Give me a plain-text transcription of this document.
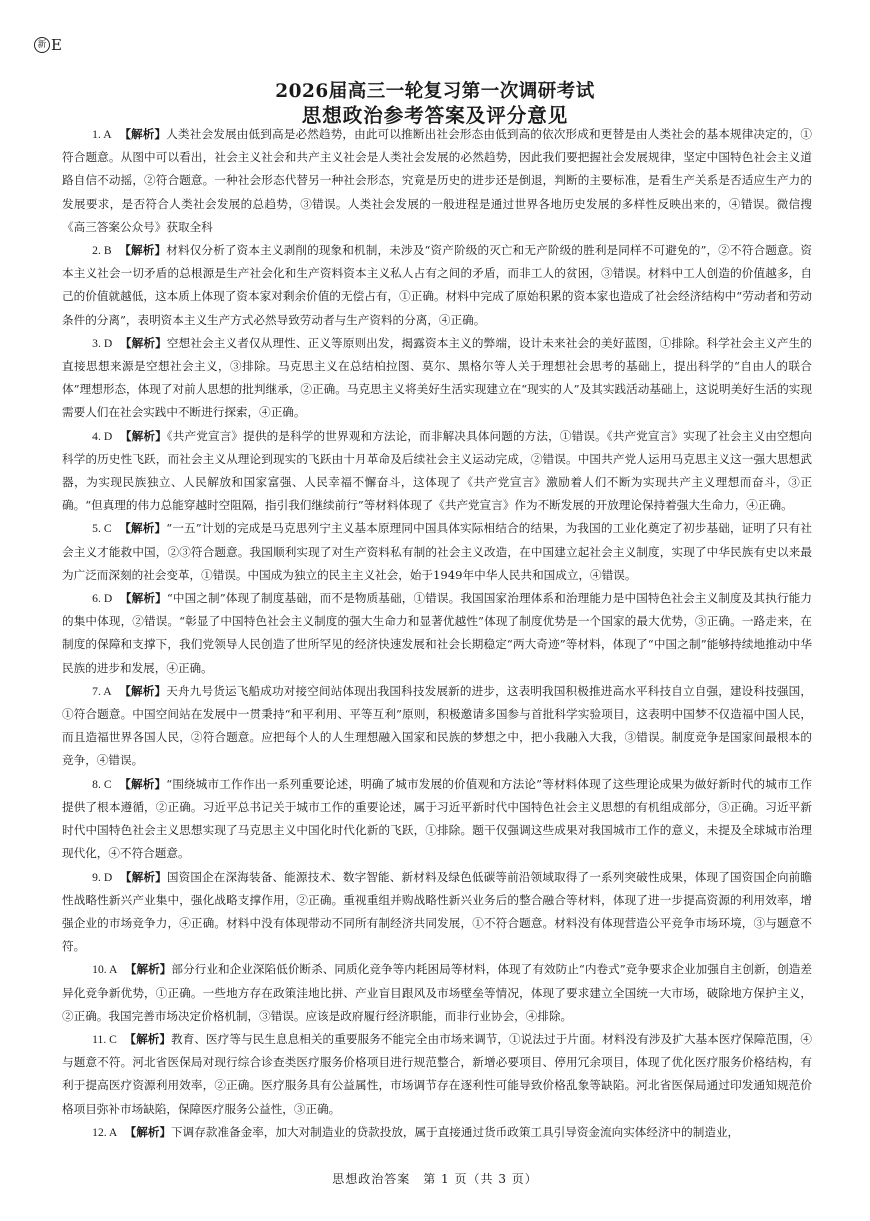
新 E
2026届高三一轮复习第一次调研考试
思想政治参考答案及评分意见

1. A 【解析】人类社会发展由低到高是必然趋势，由此可以推断出社会形态由低到高的依次形成和更替是由人类社会的基本规律决定的，①符合题意。从图中可以看出，社会主义社会和共产主义社会是人类社会发展的必然趋势，因此我们要把握社会发展规律，坚定中国特色社会主义道路自信不动摇，②符合题意。一种社会形态代替另一种社会形态，究竟是历史的进步还是倒退，判断的主要标准，是看生产关系是否适应生产力的发展要求，是否符合人类社会发展的总趋势，③错误。人类社会发展的一般进程是通过世界各地历史发展的多样性反映出来的，④错误。微信搜《高三答案公众号》获取全科

2. B 【解析】材料仅分析了资本主义剥削的现象和机制，未涉及“资产阶级的灭亡和无产阶级的胜利是同样不可避免的”，②不符合题意。资本主义社会一切矛盾的总根源是生产社会化和生产资料资本主义私人占有之间的矛盾，而非工人的贫困，③错误。材料中工人创造的价值越多，自己的价值就越低，这本质上体现了资本家对剩余价值的无偿占有，①正确。材料中完成了原始积累的资本家也造成了社会经济结构中“劳动者和劳动条件的分离”，表明资本主义生产方式必然导致劳动者与生产资料的分离，④正确。

3. D 【解析】空想社会主义者仅从理性、正义等原则出发，揭露资本主义的弊端，设计未来社会的美好蓝图，①排除。科学社会主义产生的直接思想来源是空想社会主义，③排除。马克思主义在总结柏拉图、莫尔、黑格尔等人关于理想社会思考的基础上，提出科学的“自由人的联合体”理想形态，体现了对前人思想的批判继承，②正确。马克思主义将美好生活实现建立在“现实的人”及其实践活动基础上，这说明美好生活的实现需要人们在社会实践中不断进行探索，④正确。

4. D 【解析】《共产党宣言》提供的是科学的世界观和方法论，而非解决具体问题的方法，①错误。《共产党宣言》实现了社会主义由空想向科学的历史性飞跃，而社会主义从理论到现实的飞跃由十月革命及后续社会主义运动完成，②错误。中国共产党人运用马克思主义这一强大思想武器，为实现民族独立、人民解放和国家富强、人民幸福不懈奋斗，这体现了《共产党宣言》激励着人们不断为实现共产主义理想而奋斗，③正确。“但真理的伟力总能穿越时空阻隔，指引我们继续前行”等材料体现了《共产党宣言》作为不断发展的开放理论保持着强大生命力，④正确。

5. C 【解析】“一五”计划的完成是马克思列宁主义基本原理同中国具体实际相结合的结果，为我国的工业化奠定了初步基础，证明了只有社会主义才能救中国，②③符合题意。我国顺利实现了对生产资料私有制的社会主义改造，在中国建立起社会主义制度，实现了中华民族有史以来最为广泛而深刻的社会变革，①错误。中国成为独立的民主主义社会，始于1949年中华人民共和国成立，④错误。

6. D 【解析】“中国之制”体现了制度基础，而不是物质基础，①错误。我国国家治理体系和治理能力是中国特色社会主义制度及其执行能力的集中体现，②错误。“彰显了中国特色社会主义制度的强大生命力和显著优越性”体现了制度优势是一个国家的最大优势，③正确。一路走来，在制度的保障和支撑下，我们党领导人民创造了世所罕见的经济快速发展和社会长期稳定“两大奇迹”等材料，体现了“中国之制”能够持续地推动中华民族的进步和发展，④正确。

7. A 【解析】天舟九号货运飞船成功对接空间站体现出我国科技发展新的进步，这表明我国积极推进高水平科技自立自强，建设科技强国，①符合题意。中国空间站在发展中一贯秉持“和平利用、平等互利”原则，积极邀请多国参与首批科学实验项目，这表明中国梦不仅造福中国人民，而且造福世界各国人民，②符合题意。应把每个人的人生理想融入国家和民族的梦想之中，把小我融入大我，③错误。制度竞争是国家间最根本的竞争，④错误。

8. C 【解析】“围绕城市工作作出一系列重要论述，明确了城市发展的价值观和方法论”等材料体现了这些理论成果为做好新时代的城市工作提供了根本遵循，②正确。习近平总书记关于城市工作的重要论述，属于习近平新时代中国特色社会主义思想的有机组成部分，③正确。习近平新时代中国特色社会主义思想实现了马克思主义中国化时代化新的飞跃，①排除。题干仅强调这些成果对我国城市工作的意义，未提及全球城市治理现代化，④不符合题意。

9. D 【解析】国资国企在深海装备、能源技术、数字智能、新材料及绿色低碳等前沿领域取得了一系列突破性成果，体现了国资国企向前瞻性战略性新兴产业集中，强化战略支撑作用，②正确。重视重组并购战略性新兴业务后的整合融合等材料，体现了进一步提高资源的利用效率，增强企业的市场竞争力，④正确。材料中没有体现带动不同所有制经济共同发展，①不符合题意。材料没有体现营造公平竞争市场环境，③与题意不符。

10. A 【解析】部分行业和企业深陷低价断杀、同质化竞争等内耗困局等材料，体现了有效防止“内卷式”竞争要求企业加强自主创新，创造差异化竞争新优势，①正确。一些地方存在政策洼地比拼、产业盲目跟风及市场壁垒等情况，体现了要求建立全国统一大市场，破除地方保护主义，②正确。我国完善市场决定价格机制，③错误。应该是政府履行经济职能，而非行业协会，④排除。

11. C 【解析】教育、医疗等与民生息息相关的重要服务不能完全由市场来调节，①说法过于片面。材料没有涉及扩大基本医疗保障范围，④与题意不符。河北省医保局对现行综合诊查类医疗服务价格项目进行规范整合，新增必要项目、停用冗余项目，体现了优化医疗服务价格结构，有利于提高医疗资源利用效率，②正确。医疗服务具有公益属性，市场调节存在逐利性可能导致价格乱象等缺陷。河北省医保局通过印发通知规范价格项目弥补市场缺陷，保障医疗服务公益性，③正确。

12. A 【解析】下调存款准备金率，加大对制造业的贷款投放，属于直接通过货币政策工具引导资金流向实体经济中的制造业，

思想政治答案　第 1 页（共 3 页）
